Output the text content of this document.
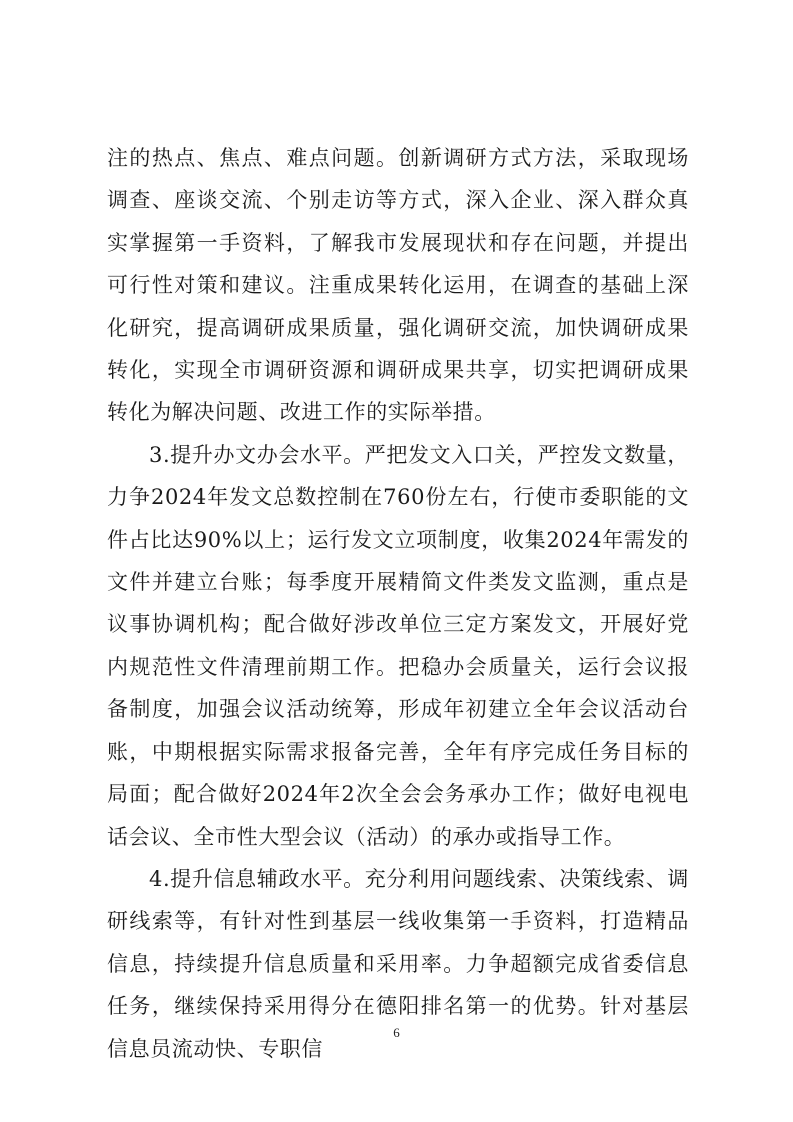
注的热点、焦点、难点问题。创新调研方式方法，采取现场调查、座谈交流、个别走访等方式，深入企业、深入群众真实掌握第一手资料，了解我市发展现状和存在问题，并提出可行性对策和建议。注重成果转化运用，在调查的基础上深化研究，提高调研成果质量，强化调研交流，加快调研成果转化，实现全市调研资源和调研成果共享，切实把调研成果转化为解决问题、改进工作的实际举措。

3.提升办文办会水平。严把发文入口关，严控发文数量，力争2024年发文总数控制在760份左右，行使市委职能的文件占比达90%以上；运行发文立项制度，收集2024年需发的文件并建立台账；每季度开展精简文件类发文监测，重点是议事协调机构；配合做好涉改单位三定方案发文，开展好党内规范性文件清理前期工作。把稳办会质量关，运行会议报备制度，加强会议活动统筹，形成年初建立全年会议活动台账，中期根据实际需求报备完善，全年有序完成任务目标的局面；配合做好2024年2次全会会务承办工作；做好电视电话会议、全市性大型会议（活动）的承办或指导工作。

4.提升信息辅政水平。充分利用问题线索、决策线索、调研线索等，有针对性到基层一线收集第一手资料，打造精品信息，持续提升信息质量和采用率。力争超额完成省委信息任务，继续保持采用得分在德阳排名第一的优势。针对基层信息员流动快、专职信

6
